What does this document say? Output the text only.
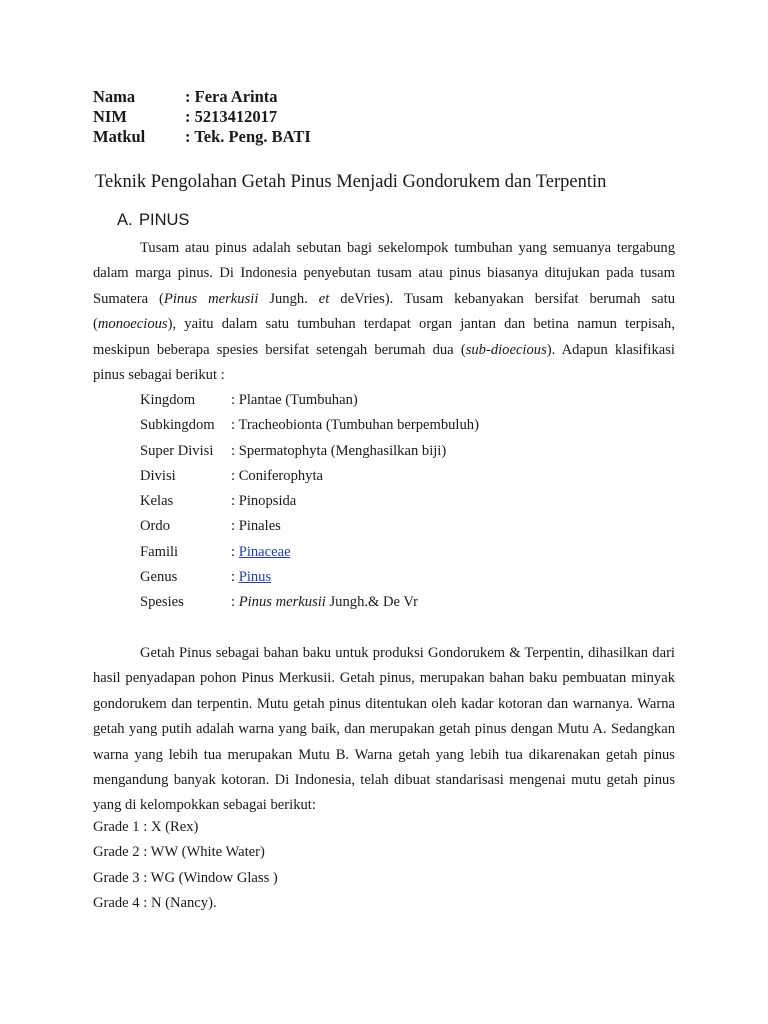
Nama	: Fera Arinta
NIM	: 5213412017
Matkul	: Tek. Peng. BATI
Teknik Pengolahan Getah Pinus Menjadi Gondorukem dan Terpentin
A. PINUS

Tusam atau pinus adalah sebutan bagi sekelompok tumbuhan yang semuanya tergabung dalam marga pinus. Di Indonesia penyebutan tusam atau pinus biasanya ditujukan pada tusam Sumatera (Pinus merkusii Jungh. et deVries). Tusam kebanyakan bersifat berumah satu (monoecious), yaitu dalam satu tumbuhan terdapat organ jantan dan betina namun terpisah, meskipun beberapa spesies bersifat setengah berumah dua (sub-dioecious). Adapun klasifikasi pinus sebagai berikut :

Kingdom	: Plantae (Tumbuhan)
Subkingdom	: Tracheobionta (Tumbuhan berpembuluh)
Super Divisi	: Spermatophyta (Menghasilkan biji)
Divisi	: Coniferophyta
Kelas	: Pinopsida
Ordo	: Pinales
Famili	: Pinaceae
Genus	: Pinus
Spesies	: Pinus merkusii Jungh.& De Vr

Getah Pinus sebagai bahan baku untuk produksi Gondorukem & Terpentin, dihasilkan dari hasil penyadapan pohon Pinus Merkusii. Getah pinus, merupakan bahan baku pembuatan minyak gondorukem dan terpentin. Mutu getah pinus ditentukan oleh kadar kotoran dan warnanya. Warna getah yang putih adalah warna yang baik, dan merupakan getah pinus dengan Mutu A. Sedangkan warna yang lebih tua merupakan Mutu B. Warna getah yang lebih tua dikarenakan getah pinus mengandung banyak kotoran. Di Indonesia, telah dibuat standarisasi mengenai mutu getah pinus yang di kelompokkan sebagai berikut:

Grade 1 : X (Rex)
Grade 2 : WW (White Water)
Grade 3 : WG (Window Glass )
Grade 4 : N (Nancy).
